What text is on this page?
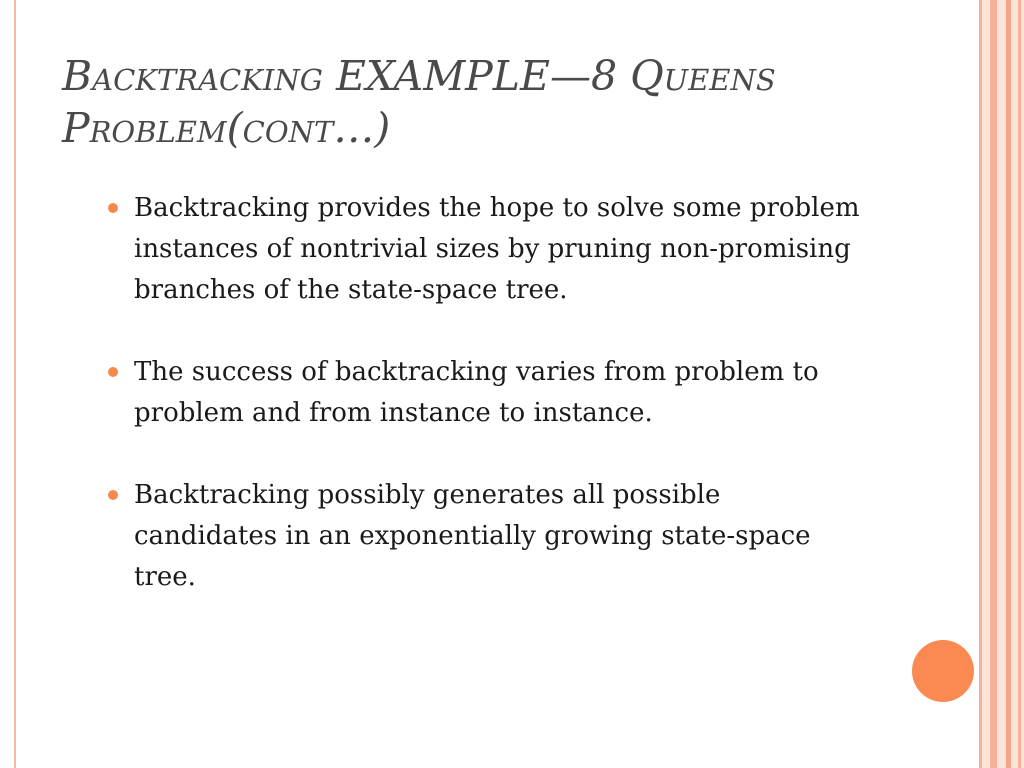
Backtracking EXAMPLE—8 Queens
Problem(cont…)
Backtracking provides the hope to solve some problem instances of nontrivial sizes by pruning non-promising branches of the state-space tree.
The success of backtracking varies from problem to problem and from instance to instance.
Backtracking possibly generates all possible candidates in an exponentially growing state-space tree.
